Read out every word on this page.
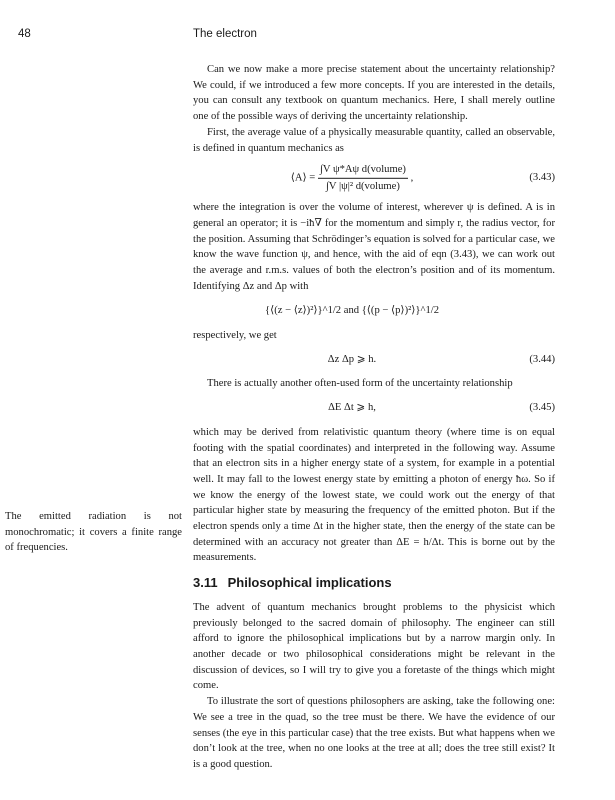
48	The electron

Can we now make a more precise statement about the uncertainty relationship? We could, if we introduced a few more concepts. If you are interested in the details, you can consult any textbook on quantum mechanics. Here, I shall merely outline one of the possible ways of deriving the uncertainty relationship.

First, the average value of a physically measurable quantity, called an observable, is defined in quantum mechanics as

⟨A⟩ = $\frac{\text{∫V ψ*Aψ d(volume)}}{\text{∫V |ψ|² d(volume)}}$ ,	(3.43)

where the integration is over the volume of interest, wherever ψ is defined. A is in general an operator; it is −iħ∇ for the momentum and simply r, the radius vector, for the position. Assuming that Schrödinger’s equation is solved for a particular case, we know the wave function ψ, and hence, with the aid of eqn (3.43), we can work out the average and r.m.s. values of both the electron’s position and of its momentum. Identifying Δz and Δp with

{⟨(z − ⟨z⟩)²⟩}^1/2 and {⟨(p − ⟨p⟩)²⟩}^1/2

respectively, we get

Δz Δp ⩾ h.	(3.44)

There is actually another often-used form of the uncertainty relationship

ΔE Δt ⩾ h,	(3.45)

which may be derived from relativistic quantum theory (where time is on equal footing with the spatial coordinates) and interpreted in the following way. Assume that an electron sits in a higher energy state of a system, for example in a potential well. It may fall to the lowest energy state by emitting a photon of energy ħω. So if we know the energy of the lowest state, we could work out the energy of that particular higher state by measuring the frequency of the emitted photon. But if the electron spends only a time Δt in the higher state, then the energy of the state can be determined with an accuracy not greater than ΔE = h/Δt. This is borne out by the measurements.

3.11 Philosophical implications

The advent of quantum mechanics brought problems to the physicist which previously belonged to the sacred domain of philosophy. The engineer can still afford to ignore the philosophical implications but by a narrow margin only. In another decade or two philosophical considerations might be relevant in the discussion of devices, so I will try to give you a foretaste of the things which might come.

To illustrate the sort of questions philosophers are asking, take the following one: We see a tree in the quad, so the tree must be there. We have the evidence of our senses (the eye in this particular case) that the tree exists. But what happens when we don’t look at the tree, when no one looks at the tree at all; does the tree still exist? It is a good question.

The emitted radiation is not monochromatic; it covers a finite range of frequencies.
